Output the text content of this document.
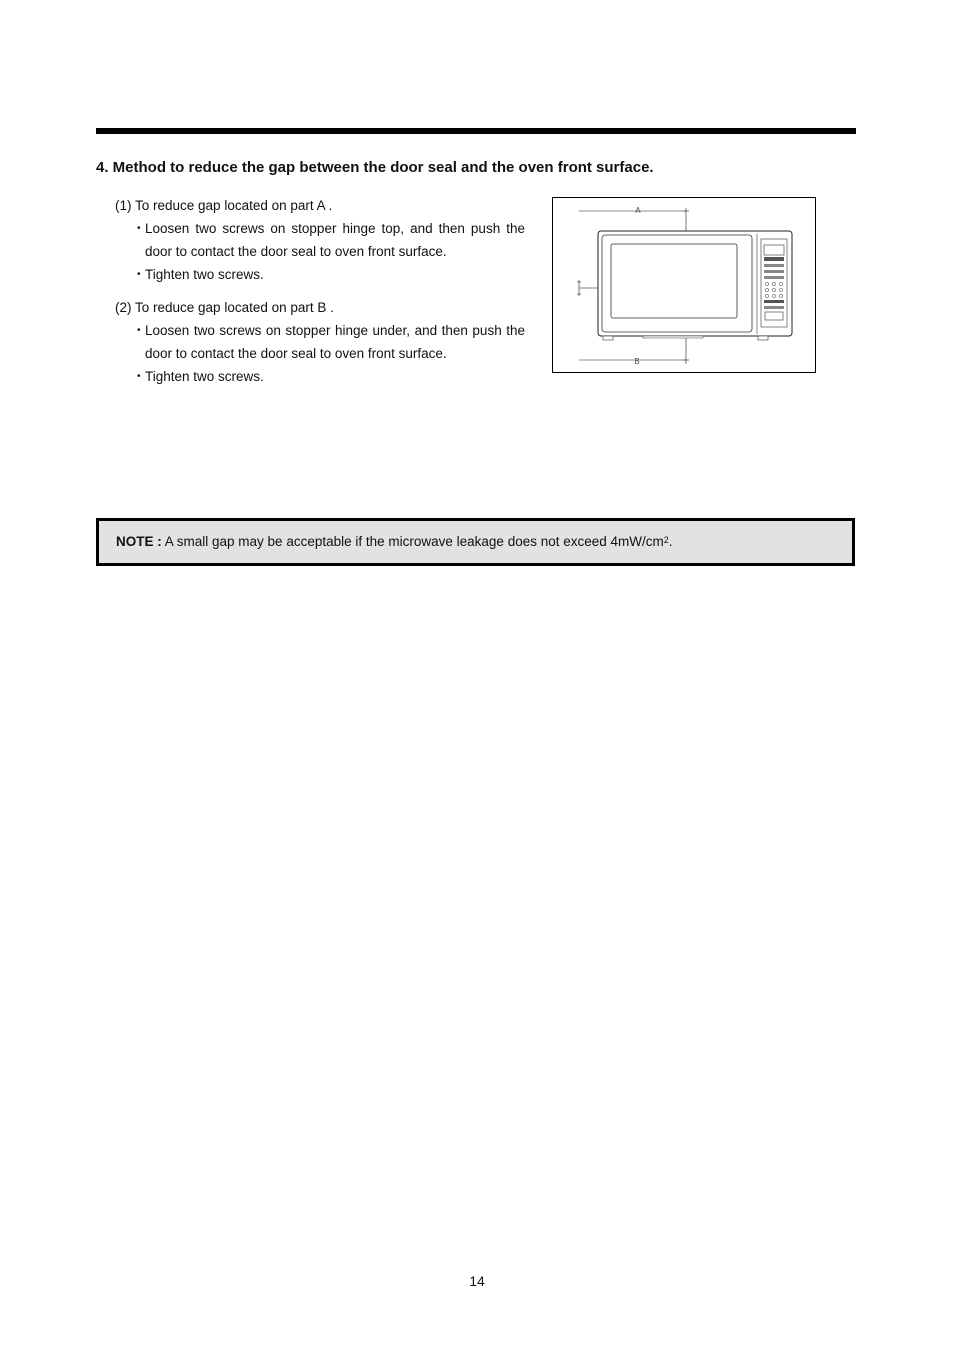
4. Method to reduce the gap between the door seal and the oven front surface.
(1) To reduce gap located on part A .
• Loosen two screws on stopper hinge top, and then push the door to contact the door seal to oven front surface.
• Tighten two screws.
(2) To reduce gap located on part B .
• Loosen two screws on stopper hinge under, and then push the door to contact the door seal to oven front surface.
• Tighten two screws.
A
B
NOTE : A small gap may be acceptable if the microwave leakage does not exceed 4mW/cm$^2$.
14
